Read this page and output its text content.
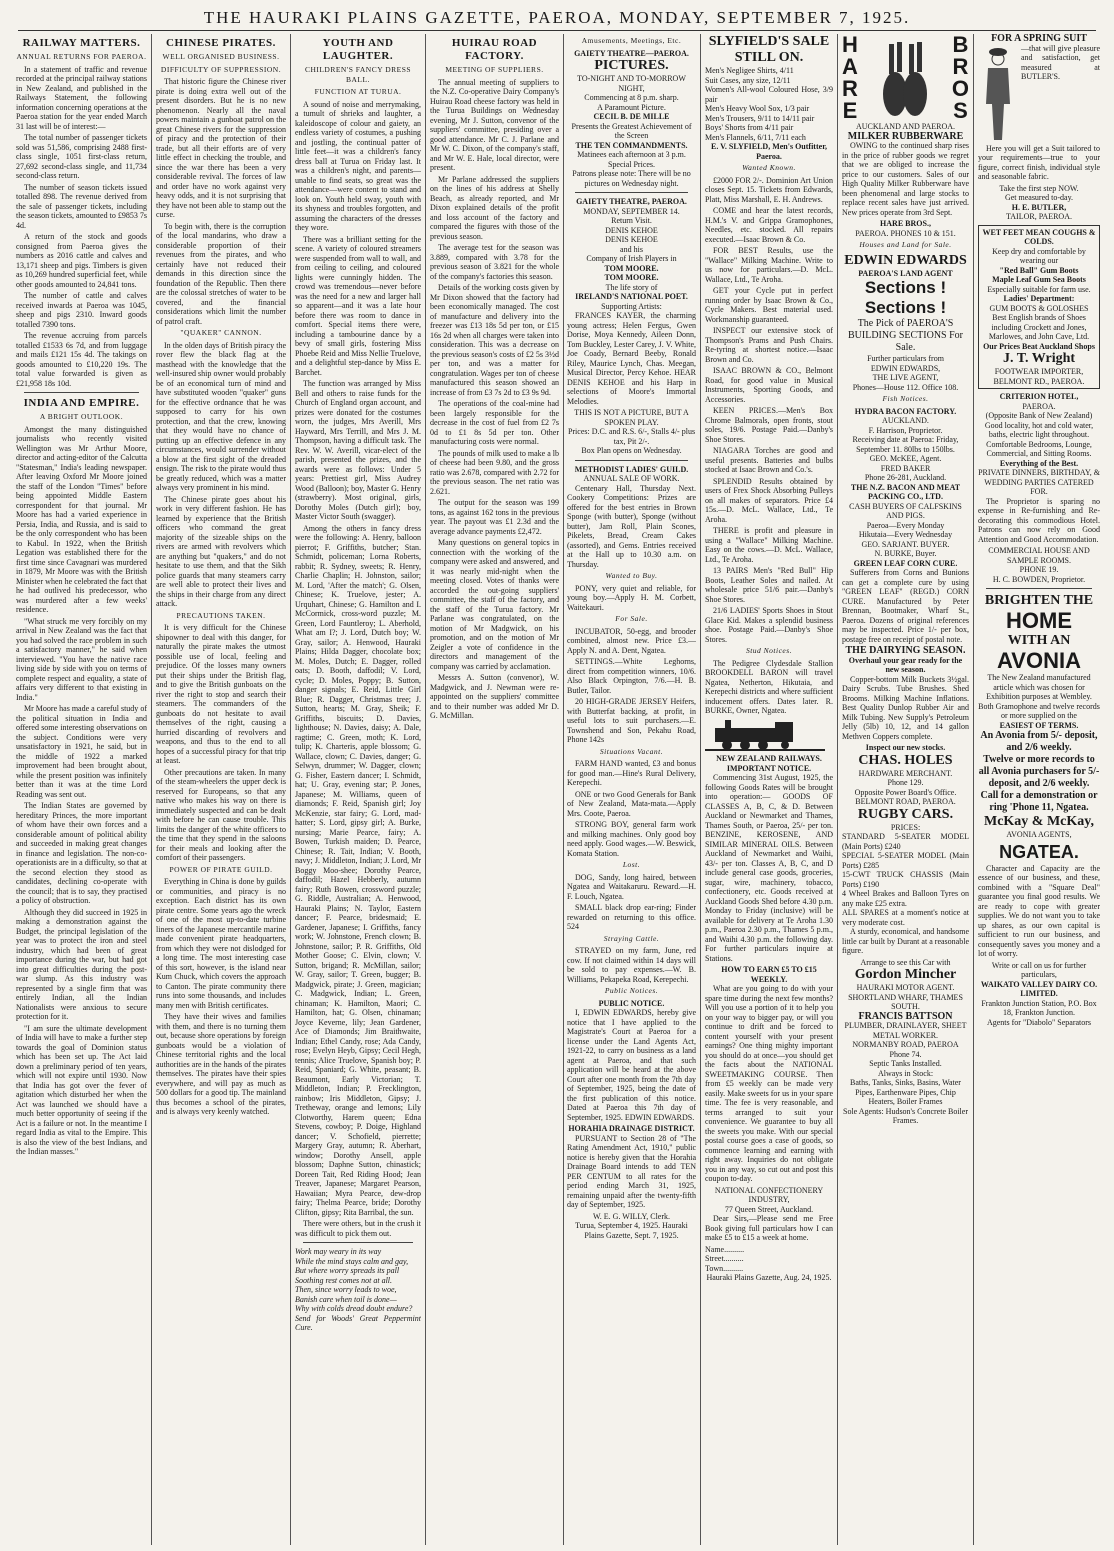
THE HAURAKI PLAINS GAZETTE, PAEROA, MONDAY, SEPTEMBER 7, 1925.
RAILWAY MATTERS.
ANNUAL RETURNS FOR PAEROA.

In a statement of traffic and revenue recorded at the principal railway stations in New Zealand, and published in the Railways Statement, the following information concerning operations at the Paeroa station for the year ended March 31 last will be of interest:—

The total number of passenger tickets sold was 51,586, comprising 2488 first-class single, 1051 first-class return, 27,692 second-class single, and 11,734 second-class return.

The number of season tickets issued totalled 898. The revenue derived from the sale of passenger tickets, including the season tickets, amounted to £9853 7s 4d.

A return of the stock and goods consigned from Paeroa gives the numbers as 2016 cattle and calves and 13,171 sheep and pigs. Timbers is given as 10,269 hundred superficial feet, while other goods amounted to 24,841 tons.

The number of cattle and calves received inwards at Paeroa was 1045, sheep and pigs 2310. Inward goods totalled 7390 tons.

The revenue accruing from parcels totalled £1533 6s 7d, and from luggage and mails £121 15s 4d. The takings on goods amounted to £10,220 19s. The total value forwarded is given as £21,958 18s 10d.

INDIA AND EMPIRE.
A BRIGHT OUTLOOK.

Amongst the many distinguished journalists who recently visited Wellington was Mr Arthur Moore, director and acting-editor of the Calcutta "Statesman," India's leading newspaper. After leaving Oxford Mr Moore joined the staff of the London "Times" before being appointed Middle Eastern correspondent for that journal. Mr Moore has had a varied experience in Persia, India, and Russia, and is said to be the only correspondent who has been to Kabul. In 1922, when the British Legation was established there for the first time since Cavagnari was murdered in 1879, Mr Moore was with the British Minister when he celebrated the fact that he had outlived his predecessor, who was murdered after a few weeks' residence.

"What struck me very forcibly on my arrival in New Zealand was the fact that you had solved the race problem in such a satisfactory manner," he said when interviewed. "You have the native race living side by side with you on terms of complete respect and equality, a state of affairs very different to that existing in India."

Mr Moore has made a careful study of the political situation in India and offered some interesting observations on the subject. Conditions were very unsatisfactory in 1921, he said, but in the middle of 1922 a marked improvement had been brought about, while the present position was infinitely better than it was at the time Lord Reading was sent out.

The Indian States are governed by hereditary Princes, the more important of whom have their own forces and a considerable amount of political ability and succeeded in making great changes in finance and legislation. The non-co-operationists are in a difficulty, so that at the second election they stood as candidates, declining co-operate with the council; that is to say, they practised a policy of obstruction.

Although they did succeed in 1925 in making a demonstration against the Budget, the principal legislation of the year was to protect the iron and steel industry, which had been of great importance during the war, but had got into great difficulties during the post-war slump. As this industry was represented by a single firm that was entirely Indian, all the Indian Nationalists were anxious to secure protection for it.

"I am sure the ultimate development of India will have to make a further step towards the goal of Dominion status which has been set up. The Act laid down a preliminary period of ten years, which will not expire until 1930. Now that India has got over the fever of agitation which disturbed her when the Act was launched we should have a much better opportunity of seeing if the Act is a failure or not. In the meantime I regard India as vital to the Empire. This is also the view of the best Indians, and the Indian masses."

CHINESE PIRATES.
WELL ORGANISED BUSINESS.
DIFFICULTY OF SUPPRESSION.

That historic figure the Chinese river pirate is doing extra well out of the present disorders. But he is no new phenomenon. Nearly all the naval powers maintain a gunboat patrol on the great Chinese rivers for the suppression of piracy and the protection of their trade, but all their efforts are of very little effect in checking the trouble, and since the war there has been a very considerable revival. The forces of law and order have no work against very heavy odds, and it is not surprising that they have not been able to stamp out the curse.

To begin with, there is the corruption of the local mandarins, who draw a considerable proportion of their revenues from the pirates, and who certainly have not reduced their demands in this direction since the foundation of the Republic. Then there are the colossal stretches of water to be covered, and the financial considerations which limit the number of patrol craft.

"QUAKER" CANNON.

In the olden days of British piracy the rover flew the black flag at the masthead with the knowledge that the well-insured ship owner would probably be of an economical turn of mind and have substituted wooden "quaker" guns for the effective ordnance that he was supposed to carry for his own protection, and that the crew, knowing that they would have no chance of putting up an effective defence in any circumstances, would surrender without a blow at the first sight of the dreaded ensign. The risk to the pirate would thus be greatly reduced, which was a matter always very prominent in his mind.

The Chinese pirate goes about his work in very different fashion. He has learned by experience that the British officers who command the great majority of the sizeable ships on the rivers are armed with revolvers which are anything but "quakers," and do not hesitate to use them, and that the Sikh police guards that many steamers carry are well able to protect their lives and the ships in their charge from any direct attack.

PRECAUTIONS TAKEN.

It is very difficult for the Chinese shipowner to deal with this danger, for naturally the pirate makes the utmost possible use of local, feeling and prejudice. Of the losses many owners put their ships under the British flag, and to give the British gunboats on the river the right to stop and search their steamers. The commanders of the gunboats do not hesitate to avail themselves of the right, causing a hurried discarding of revolvers and weapons, and thus to the end to all hopes of a successful piracy for that trip at least.

Other precautions are taken. In many of the steam-wheelers the upper deck is reserved for Europeans, so that any native who makes his way on there is immediately suspected and can be dealt with before he can cause trouble. This limits the danger of the white officers to the time that they spend in the saloons for their meals and looking after the comfort of their passengers.

POWER OF PIRATE GUILD.

Everything in China is done by guilds or communities, and piracy is no exception. Each district has its own pirate centre. Some years ago the wreck of one of the most up-to-date turbine liners of the Japanese mercantile marine made convenient pirate headquarters, from which they were not dislodged for a long time. The most interesting case of this sort, however, is the island near Kum Chuck, which covers the approach to Canton. The pirate community there runs into some thousands, and includes many men with British certificates.

They have their wives and families with them, and there is no turning them out, because shore operations by foreign gunboats would be a violation of Chinese territorial rights and the local authorities are in the hands of the pirates themselves. The pirates have their spies everywhere, and will pay as much as 500 dollars for a good tip. The mainland thus becomes a school of the pirates, and is always very keenly watched.

YOUTH AND LAUGHTER.
CHILDREN'S FANCY DRESS BALL.
FUNCTION AT TURUA.

A sound of noise and merrymaking, a tumult of shrieks and laughter, a kaleidoscope of colour and gaiety, an endless variety of costumes, a pushing and jostling, the continual patter of little feet—it was a children's fancy dress ball at Turua on Friday last. It was a children's night, and parents—unable to find seats, so great was the attendance—were content to stand and look on. Youth held sway, youth with its shyness and troubles forgotten, and assuming the characters of the dresses they wore.

There was a brilliant setting for the scene. A variety of coloured streamers were suspended from wall to wall, and from ceiling to ceiling, and coloured lights were cunningly hidden. The crowd was tremendous—never before was the need for a new and larger hall so apparent—and it was a late hour before there was room to dance in comfort. Special items there were, including a tambourine dance by a bevy of small girls, fostering Miss Phoebe Reid and Miss Nellie Truelove, and a delightful step-dance by Miss E. Barchet.

The function was arranged by Miss Bell and others to raise funds for the Church of England organ account, and prizes were donated for the costumes worn, the judges, Mrs Averill, Mrs Hayward, Mrs Terrill, and Mrs J. M. Thompson, having a difficult task. The Rev. W. W. Averill, vicar-elect of the parish, presented the prizes, and the awards were as follows: Under 5 years: Prettiest girl, Miss Audrey Wood (Balloon); boy, Master G. Henry (strawberry). Most original, girls, Dorothy Moles (Dutch girl); boy, Master Victor South (swagger).

Among the others in fancy dress were the following: A. Henry, balloon pierrot; F. Griffiths, butcher; Stan. Schmidt, policeman; Lorna Roberts, rabbit; R. Sydney, sweets; R. Henry, Charlie Chaplin; H. Johnston, sailor; M. Lord, 'After the match'; G. Olsen, Chinese; K. Truelove, jester; A. Urquhart, Chinese; G. Hamilton and I. McCormick, cross-word puzzle; M. Green, Lord Fauntleroy; L. Aberhold, What am I?; J. Lord, Dutch boy; W. Gray, sailor; A. Henwood, Hauraki Plains; Hilda Dagger, chocolate box; M. Moles, Dutch; E. Dagger, rolled oats; D. Booth, daffodil; V. Lord, cycle; D. Moles, Poppy; B. Sutton, danger signals; E. Reid, Little Girl Blue; R. Dagger, Christmas tree; J. Sutton, hearts; M. Gray, Sheik; F. Griffiths, biscuits; D. Davies, lighthouse; N. Davies, daisy; A. Dale, ragtime; C. Green, moth; K. Lord, tulip; K. Charteris, apple blossom; G. Wallace, clown; C. Davies, danger; G. Selwyn, drummer; W. Dagger, clown; G. Fisher, Eastern dancer; I. Schmidt, hat; U. Gray, evening star; P. Jones, Japanese; M. Williams, queen of diamonds; F. Reid, Spanish girl; Joy McKenzie, star fairy; G. Lord, mad-hatter; S. Lord, gipsy girl; A. Burke, nursing; Marie Pearce, fairy; A. Bowen, Turkish maiden; D. Pearce, Chinese; R. Tait, Indian; V. Booth, navy; J. Middleton, Indian; J. Lord, Mr Boggy Moo-shee; Dorothy Pearce, daffodil; Hazel Hebberly, autumn fairy; Ruth Bowen, crossword puzzle; G. Riddle, Australian; A. Henwood, Hauraki Plains; N. Taylor, Eastern dancer; F. Pearce, bridesmaid; E. Gardener, Japanese; I. Griffiths, fancy work; W. Johnstone, French clown; B. Johnstone, sailor; P. R. Griffiths, Old Mother Goose; C. Elvin, clown; V. Sutton, brigand; R. McMillan, sailor; W. Gray, sailor; T. Green, bugger; B. Madgwick, pirate; J. Green, magician; C. Madgwick, Indian; L. Green, chinaman; K. Hamilton, Maori; C. Hamilton, hat; G. Olsen, chinaman; Joyce Keverne, lily; Jean Gardener, Ace of Diamonds; Jim Braithwaite, Indian; Ethel Candy, rose; Ada Candy, rose; Evelyn Heyb, Gipsy; Cecil Hegh, tennis; Alice Truelove, Spanish boy; P. Reid, Spaniard; G. White, peasant; B. Beaumont, Early Victorian; T. Middleton, Indian; P. Frecklington, rainbow; Iris Middleton, Gipsy; J. Tretheway, orange and lemons; Lily Clotworthy, Harem queen; Edna Stevens, cowboy; P. Doige, Highland dancer; V. Schofield, pierrette; Margery Gray, autumn; R. Aberhart, window; Dorothy Ansell, apple blossom; Daphne Sutton, chinastick; Doreen Tait, Red Riding Hood; Jean Treaver, Japanese; Margaret Pearson, Hawaiian; Myra Pearce, dew-drop fairy; Thelma Pearce, bride; Dorothy Clifton, gipsy; Rita Barribal, the sun.

There were others, but in the crush it was difficult to pick them out.

Work may weary in its way
While the mind stays calm and gay,
But where worry spreads its pall
Soothing rest comes not at all.
Then, since worry leads to woe,
Banish care when toil is done—
Why with colds dread doubt endure?
Send for Woods' Great Peppermint Cure.
HUIRAU ROAD FACTORY.
MEETING OF SUPPLIERS.

The annual meeting of suppliers to the N.Z. Co-operative Dairy Company's Huirau Road cheese factory was held in the Turua Buildings on Wednesday evening, Mr J. Sutton, convenor of the suppliers' committee, presiding over a good attendance. Mr C. J. Parlane and Mr W. C. Dixon, of the company's staff, and Mr W. E. Hale, local director, were present.

Mr Parlane addressed the suppliers on the lines of his address at Shelly Beach, as already reported, and Mr Dixon explained details of the profit and loss account of the factory and compared the figures with those of the previous season.

The average test for the season was 3.889, compared with 3.78 for the previous season of 3.821 for the whole of the company's factories this season.

Details of the working costs given by Mr Dixon showed that the factory had been economically managed. The cost of manufacture and delivery into the freezer was £13 18s 5d per ton, or £15 16s 2d when all charges were taken into consideration. This was a decrease on the previous season's costs of £2 5s 3½d per ton, and was a matter for congratulation. Wages per ton of cheese manufactured this season showed an increase of from £3 7s 2d to £3 9s 9d.

The operations of the coal-mine had been largely responsible for the decrease in the cost of fuel from £2 7s 0d to £1 8s 5d per ton. Other manufacturing costs were normal.

The pounds of milk used to make a lb of cheese had been 9.80, and the gross ratio was 2.678, compared with 2.72 for the previous season. The net ratio was 2.621.

The output for the season was 199 tons, as against 162 tons in the previous year. The payout was £1 2.3d and the average advance payments £2,472.

Many questions on general topics in connection with the working of the company were asked and answered, and it was nearly mid-night when the meeting closed. Votes of thanks were accorded the out-going suppliers' committee, the staff of the factory, and the staff of the Turua factory. Mr Parlane was congratulated, on the motion of Mr Madgwick, on his promotion, and on the motion of Mr Zeigler a vote of confidence in the directors and management of the company was carried by acclamation.

Messrs A. Sutton (convenor), W. Madgwick, and J. Newman were re-appointed on the suppliers' committee and to their number was added Mr D. G. McMillan.

Amusements, Meetings, Etc.
GAIETY THEATRE—PAEROA.
PICTURES.
TO-NIGHT AND TO-MORROW NIGHT,
Commencing at 8 p.m. sharp.
A Paramount Picture.
CECIL B. DE MILLE
Presents the Greatest Achievement of the Screen
THE TEN COMMANDMENTS.
Matinees each afternoon at 3 p.m.
Special Prices.
Patrons please note: There will be no pictures on Wednesday night.
GAIETY THEATRE, PAEROA.
MONDAY, SEPTEMBER 14.
Return Visit.
DENIS KEHOE
DENIS KEHOE
and his
Company of Irish Players in
TOM MOORE.
TOM MOORE.
The life story of
IRELAND'S NATIONAL POET.
Supporting Artists:

FRANCES KAYER, the charming young actress; Helen Fergus, Gwen Dorise, Moya Kennedy, Aileen Donn, Tom Buckley, Lester Carey, J. V. White, Joe Coady, Bernard Beeby, Ronald Riley, Maurice Lynch, Chas. Meegan, Musical Director, Percy Kehoe. HEAR DENIS KEHOE and his Harp in selections of Moore's Immortal Melodies.

THIS IS NOT A PICTURE, BUT A SPOKEN PLAY.
Prices: D.C. and R.S. 6/-, Stalls 4/- plus tax, Pit 2/-.
Box Plan opens on Wednesday.
METHODIST LADIES' GUILD.
ANNUAL SALE OF WORK.

Centenary Hall, Thursday Next. Cookery Competitions: Prizes are offered for the best entries in Brown Sponge (with butter), Sponge (without butter), Jam Roll, Plain Scones, Pikelets, Bread, Cream Cakes (assorted), and Gems. Entries received at the Hall up to 10.30 a.m. on Thursday.

Wanted to Buy.

PONY, very quiet and reliable, for young boy.—Apply H. M. Corbett, Waitekauri.

For Sale.

INCUBATOR, 50-egg, and brooder combined, almost new. Price £3.—Apply N. and A. Dent, Ngatea.

SETTINGS.—White Leghorns, direct from competition winners, 10/6. Also Black Orpington, 7/6.—H. B. Butler, Tailor.

20 HIGH-GRADE JERSEY Heifers, with Butterfat backing, at profit, in useful lots to suit purchasers.—E. Townshend and Son, Pekahu Road, Phone 142s

Situations Vacant.

FARM HAND wanted, £3 and bonus for good man.—Hine's Rural Delivery, Kerepechi.

ONE or two Good Generals for Bank of New Zealand, Mata-mata.—Apply Mrs. Coote, Paeroa.

STRONG BOY, general farm work and milking machines. Only good boy need apply. Good wages.—W. Beswick, Komata Station.

Lost.

DOG, Sandy, long haired, between Ngatea and Waitakaruru. Reward.—H. F. Louch, Ngatea.

SMALL black drop ear-ring; Finder rewarded on returning to this office. 524

Straying Cattle.

STRAYED on my farm, June, red cow. If not claimed within 14 days will be sold to pay expenses.—W. B. Williams, Pekapeka Road, Kerepechi.

Public Notices.
PUBLIC NOTICE.

I, EDWIN EDWARDS, hereby give notice that I have applied to the Magistrate's Court at Paeroa for a license under the Land Agents Act, 1921-22, to carry on business as a land agent at Paeroa, and that such application will be heard at the above Court after one month from the 7th day of September, 1925, being the date of the first publication of this notice. Dated at Paeroa this 7th day of September, 1925. EDWIN EDWARDS.

HORAHIA DRAINAGE DISTRICT.

PURSUANT to Section 28 of "The Rating Amendment Act, 1910," public notice is hereby given that the Horahia Drainage Board intends to add TEN PER CENTUM to all rates for the period ending March 31, 1925, remaining unpaid after the twenty-fifth day of September, 1925.

W. E. G. WILLY, Clerk.
Turua, September 4, 1925. Hauraki Plains Gazette, Sept. 7, 1925.
SLYFIELD'S SALE STILL ON.
Men's Negligee Shirts, 4/11
Suit Cases, any size, 12/11
Women's All-wool Coloured Hose, 3/9 pair
Men's Heavy Wool Sox, 1/3 pair
Men's Trousers, 9/11 to 14/11 pair
Boys' Shorts from 4/11 pair
Men's Flannels, 6/11, 7/11 each
E. V. SLYFIELD, Men's Outfitter, Paeroa.
Wanted Known.

£2000 FOR 2/-. Dominion Art Union closes Sept. 15. Tickets from Edwards, Platt, Miss Marshall, E. H. Andrews.

COME and hear the latest records, H.M.'s V. and Grippa Gramophones, Needles, etc. stocked. All repairs executed.—Isaac Brown & Co.

FOR BEST Results, use the "Wallace" Milking Machine. Write to us now for particulars.—D. McL. Wallace, Ltd., Te Aroha.

GET your Cycle put in perfect running order by Isaac Brown & Co., Cycle Makers. Best material used. Workmanship guaranteed.

INSPECT our extensive stock of Thompson's Prams and Push Chairs. Re-tyring at shortest notice.—Isaac Brown and Co.

ISAAC BROWN & CO., Belmont Road, for good value in Musical Instruments, Sporting Goods, and Accessories.

KEEN PRICES.—Men's Box Chrome Balmorals, open fronts, stout soles, 19/6. Postage Paid.—Danby's Shoe Stores.

NIAGARA Torches are good and useful presents. Batteries and bulbs stocked at Isaac Brown and Co.'s.

SPLENDID Results obtained by users of Frex Shock Absorbing Pulleys on all makes of separators. Price £4 15s.—D. McL. Wallace, Ltd., Te Aroha.

THERE is profit and pleasure in using a "Wallace" Milking Machine. Easy on the cows.—D. McL. Wallace, Ltd., Te Aroha.

13 PAIRS Men's "Red Bull" Hip Boots, Leather Soles and nailed. At wholesale price 51/6 pair.—Danby's Shoe Stores.

21/6 LADIES' Sports Shoes in Stout Glace Kid. Makes a splendid business shoe. Postage Paid.—Danby's Shoe Stores.

Stud Notices.

The Pedigree Clydesdale Stallion BROOKDELL BARON will travel Ngatea, Netherton, Hikutaia, and Kerepechi districts and where sufficient inducement offers. Dates later. R. BURKE, Owner, Ngatea.

NEW ZEALAND RAILWAYS.
IMPORTANT NOTICE.

Commencing 31st August, 1925, the following Goods Rates will be brought into operation:— GOODS OF CLASSES A, B, C, & D. Between Auckland or Newmarket and Thames, Thames South, or Paeroa, 25/- per ton. BENZINE, KEROSENE, AND SIMILAR MINERAL OILS. Between Auckland of Newmarket and Waihi, 43/- per ton. Classes A, B, C, and D include general case goods, groceries, sugar, wire, machinery, tobacco, confectionery, etc. Goods received at Auckland Goods Shed before 4.30 p.m. Monday to Friday (inclusive) will be available for delivery at Te Aroha 1.30 p.m., Paeroa 2.30 p.m., Thames 5 p.m., and Waihi 4.30 p.m. the following day. For further particulars inquire at Stations.

HOW TO EARN £5 TO £15 WEEKLY.

What are you going to do with your spare time during the next few months? Will you use a portion of it to help you on your way to bigger pay, or will you continue to drift and be forced to content yourself with your present earnings? One thing mighty important you should do at once—you should get the facts about the NATIONAL SWEETMAKING COURSE. Then from £5 weekly can be made very easily. Make sweets for us in your spare time. The fee is very reasonable, and terms arranged to suit your convenience. We guarantee to buy all the sweets you make. With our special postal course goes a case of goods, so commence learning and earning with right away. Inquiries do not obligate you in any way, so cut out and post this coupon to-day.

NATIONAL CONFECTIONERY INDUSTRY,
77 Queen Street, Auckland.

Dear Sirs,—Please send me Free Book giving full particulars how I can make £5 to £15 a week at home.

Name..........
Street..........
Town..........
Hauraki Plains Gazette, Aug. 24, 1925.
H
A
R
E
B
R
O
S
AUCKLAND AND PAEROA.
MILKER RUBBERWARE

OWING to the continued sharp rises in the price of rubber goods we regret that we are obliged to increase the price to our customers. Sales of our High Quality Milker Rubberware have been phenomenal and large stocks to replace recent sales have just arrived. New prices operate from 3rd Sept.

HARE BROS.,
PAEROA. PHONES 10 & 151.
Houses and Land for Sale.
EDWIN EDWARDS
PAEROA'S LAND AGENT
Sections ! Sections !
The Pick of PAEROA'S BUILDING SECTIONS For Sale.
Further particulars from
EDWIN EDWARDS,
THE LIVE AGENT,
Phones—House 112. Office 108.
Fish Notices.
HYDRA BACON FACTORY.
AUCKLAND.
F. Harrison, Proprietor.
Receiving date at Paeroa: Friday, September 11. 80lbs to 150lbs.
GEO. McKEE, Agent.
FRED BAKER
Phone 26-281, Auckland.
THE N.Z. BACON AND MEAT PACKING CO., LTD.
CASH BUYERS OF CALFSKINS AND PIGS.
Paeroa—Every Monday
Hikutaia—Every Wednesday
GEO. SARJANT. BUYER.
N. BURKE, Buyer.
GREEN LEAF CORN CURE.

Sufferers from Corns and Bunions can get a complete cure by using "GREEN LEAF" (REGD.) CORN CURE. Manufactured by Peter Brennan, Bootmaker, Wharf St., Paeroa. Dozens of original references may be inspected. Price 1/- per box, postage free on receipt of postal note.

THE DAIRYING SEASON.
Overhaul your gear ready for the new season.

Copper-bottom Milk Buckets 3½gal. Dairy Scrubs. Tube Brushes. Shed Brooms. Milking Machine Inflations. Best Quality Dunlop Rubber Air and Milk Tubing. New Supply's Petroleum Jelly (5lb) 10, 12, and 14 gallon Methven Coppers complete.

Inspect our new stocks.
CHAS. HOLES
HARDWARE MERCHANT.
Phone 129.
Opposite Power Board's Office.
BELMONT ROAD, PAEROA.
RUGBY CARS.
PRICES:
STANDARD 5-SEATER MODEL (Main Ports) £240
SPECIAL 5-SEATER MODEL (Main Ports) £285
15-CWT TRUCK CHASSIS (Main Ports) £190
4 Wheel Brakes and Balloon Tyres on any make £25 extra.
ALL SPARES at a moment's notice at very moderate cost.

A sturdy, economical, and handsome little car built by Durant at a reasonable figure.

Arrange to see this Car with
Gordon Mincher
HAURAKI MOTOR AGENT.
SHORTLAND WHARF, THAMES SOUTH.
FRANCIS BATTSON
PLUMBER, DRAINLAYER, SHEET METAL WORKER.
NORMANBY ROAD, PAEROA
Phone 74.
Septic Tanks Installed.
Always in Stock:
Baths, Tanks, Sinks, Basins, Water Pipes, Earthenware Pipes, Chip Heaters, Boiler Frames
Sole Agents: Hudson's Concrete Boiler Frames.
FOR A SPRING SUIT
—that will give pleasure and satisfaction, get measured at BUTLER'S.

Here you will get a Suit tailored to your requirements—true to your figure, correct finish, individual style and seasonable fabric.

Take the first step NOW.
Get measured to-day.
H. E. BUTLER,
TAILOR, PAEROA.
WET FEET MEAN COUGHS & COLDS.
Keep dry and comfortable by wearing our
"Red Ball" Gum Boots
Maple Leaf Gum Sea Boots
Especially suitable for farm use.
Ladies' Department:
GUM BOOTS & GOLOSHES
Best English brands of Shoes including Crockett and Jones, Marlowes, and John Cave, Ltd.
Our Prices Beat Auckland Shops
J. T. Wright
FOOTWEAR IMPORTER, BELMONT RD., PAEROA.
CRITERION HOTEL,
PAEROA.
(Opposite Bank of New Zealand)
Good locality, hot and cold water, baths, electric light throughout.
Comfortable Bedrooms, Lounge, Commercial, and Sitting Rooms.
Everything of the Best.
PRIVATE DINNERS, BIRTHDAY, & WEDDING PARTIES CATERED FOR.

The Proprietor is sparing no expense in Re-furnishing and Re-decorating this commodious Hotel. Patrons can now rely on Good Attention and Good Accommodation.

COMMERCIAL HOUSE AND SAMPLE ROOMS.
PHONE 19.
H. C. BOWDEN, Proprietor.
BRIGHTEN THE
HOME
WITH AN
AVONIA
The New Zealand manufactured article which was chosen for Exhibition purposes at Wembley.
Both Gramophone and twelve records or more supplied on the
EASIEST OF TERMS.
An Avonia from 5/- deposit, and 2/6 weekly.
Twelve or more records to all Avonia purchasers for 5/- deposit, and 2/6 weekly.
Call for a demonstration or ring 'Phone 11, Ngatea.
McKay & McKay,
AVONIA AGENTS,
NGATEA.

Character and Capacity are the essence of our business, and these, combined with a "Square Deal" guarantee you final good results. We are ready to cope with greater supplies. We do not want you to take up shares, as our own capital is sufficient to run our business, and consequently saves you money and a lot of worry.

Write or call on us for further particulars,
WAIKATO VALLEY DAIRY CO. LIMITED.
Frankton Junction Station, P.O. Box 18, Frankton Junction.
Agents for "Diabolo" Separators
